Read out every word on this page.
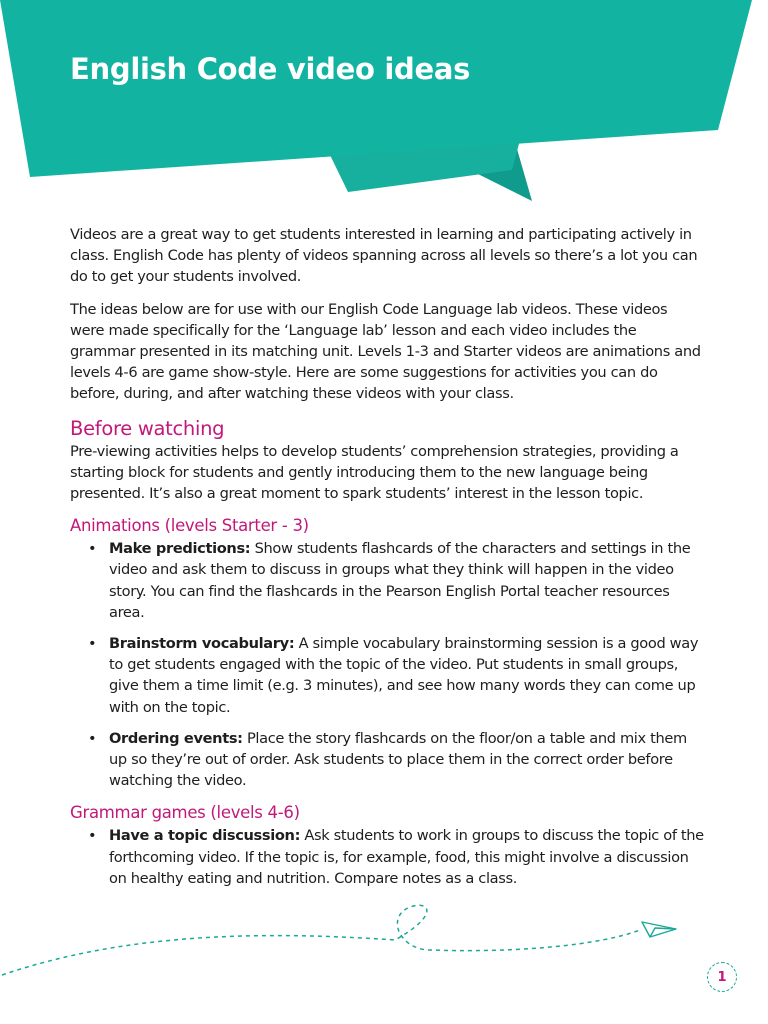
English Code video ideas

Videos are a great way to get students interested in learning and participating actively in class. English Code has plenty of videos spanning across all levels so there’s a lot you can do to get your students involved.

The ideas below are for use with our English Code Language lab videos. These videos were made specifically for the ‘Language lab’ lesson and each video includes the grammar presented in its matching unit. Levels 1-3 and Starter videos are animations and levels 4-6 are game show-style. Here are some suggestions for activities you can do before, during, and after watching these videos with your class.

Before watching

Pre-viewing activities helps to develop students’ comprehension strategies, providing a starting block for students and gently introducing them to the new language being presented. It’s also a great moment to spark students’ interest in the lesson topic.

Animations (levels Starter - 3)
• Make predictions: Show students flashcards of the characters and settings in the video and ask them to discuss in groups what they think will happen in the video story. You can find the flashcards in the Pearson English Portal teacher resources area.
• Brainstorm vocabulary: A simple vocabulary brainstorming session is a good way to get students engaged with the topic of the video. Put students in small groups, give them a time limit (e.g. 3 minutes), and see how many words they can come up with on the topic.
• Ordering events: Place the story flashcards on the floor/on a table and mix them up so they’re out of order. Ask students to place them in the correct order before watching the video.
Grammar games (levels 4-6)
• Have a topic discussion: Ask students to work in groups to discuss the topic of the forthcoming video. If the topic is, for example, food, this might involve a discussion on healthy eating and nutrition. Compare notes as a class.
1
